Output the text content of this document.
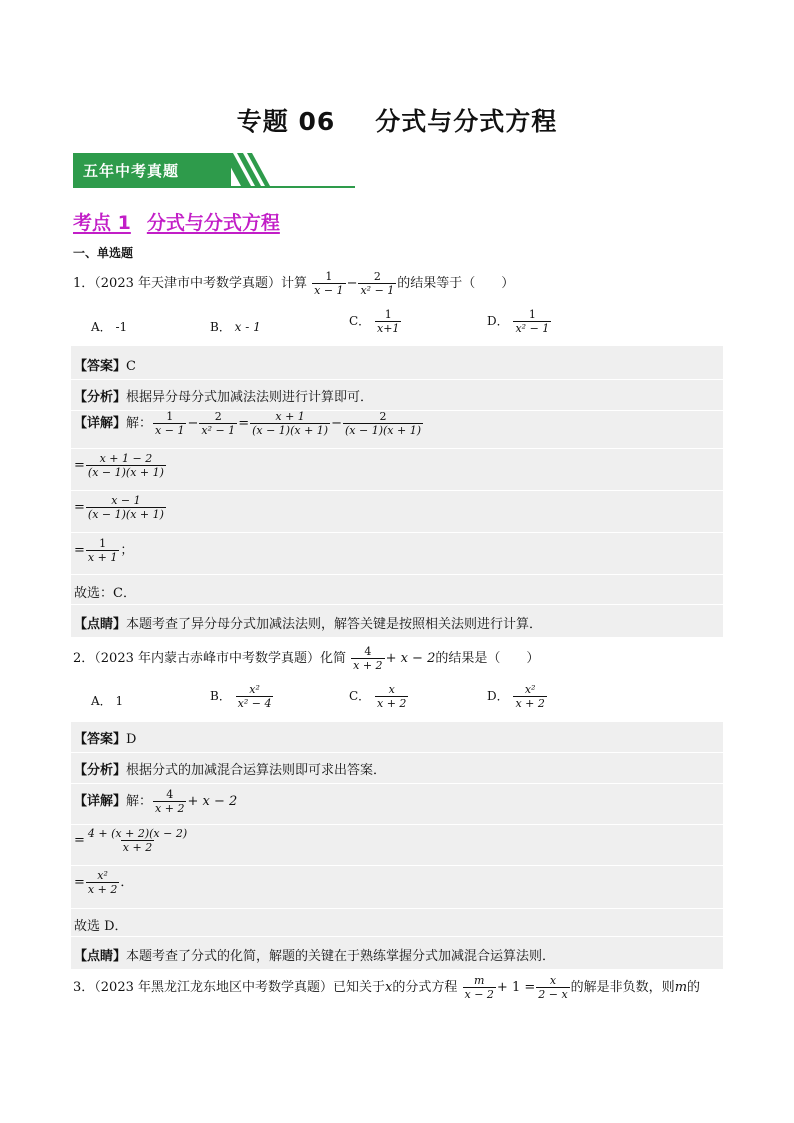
专题 06 分式与分式方程
五年中考真题
考点 1 分式与分式方程
一、单选题
1．（2023 年天津市中考数学真题）计算 $\frac{1}{x - 1} - \frac{2}{\text{x² − 1}}$ 的结果等于（　　）
A． -1	B． x - 1	C． $\frac{1}{x+1}$	D． $\frac{1}{\text{x² − 1}}$
【答案】C
【分析】根据异分母分式加减法法则进行计算即可．
【详解】解： $\frac{1}{x - 1} - \frac{2}{\text{x² − 1}} = \frac{x + 1}{(x - 1)(x + 1)} - \frac{2}{(x - 1)(x + 1)}$
= $\frac{x + 1 - 2}{(x - 1)(x + 1)}$
= $\frac{x - 1}{(x - 1)(x + 1)}$
= $\frac{1}{x + 1}$ ；
故选：C．
【点睛】本题考查了异分母分式加减法法则，解答关键是按照相关法则进行计算．
2．（2023 年内蒙古赤峰市中考数学真题）化简 $\frac{4}{x + 2} + x - 2$的结果是（　　）
A． 1	B． $\frac{\text{x²}}{\text{x² − 4}}$	C． $\frac{x}{x + 2}$	D． $\frac{\text{x²}}{x + 2}$
【答案】D
【分析】根据分式的加减混合运算法则即可求出答案．
【详解】解： $\frac{4}{x + 2} + x - 2$
= $\frac{4 + (x + 2)(x - 2)}{x + 2}$
= $\frac{\text{x²}}{x + 2}$ ．
故选 D．
【点睛】本题考查了分式的化简，解题的关键在于熟练掌握分式加减混合运算法则．
3．（2023 年黑龙江龙东地区中考数学真题）已知关于x的分式方程 $\frac{m}{x - 2} + 1 = \frac{x}{2 - x}$ 的解是非负数，则m的
